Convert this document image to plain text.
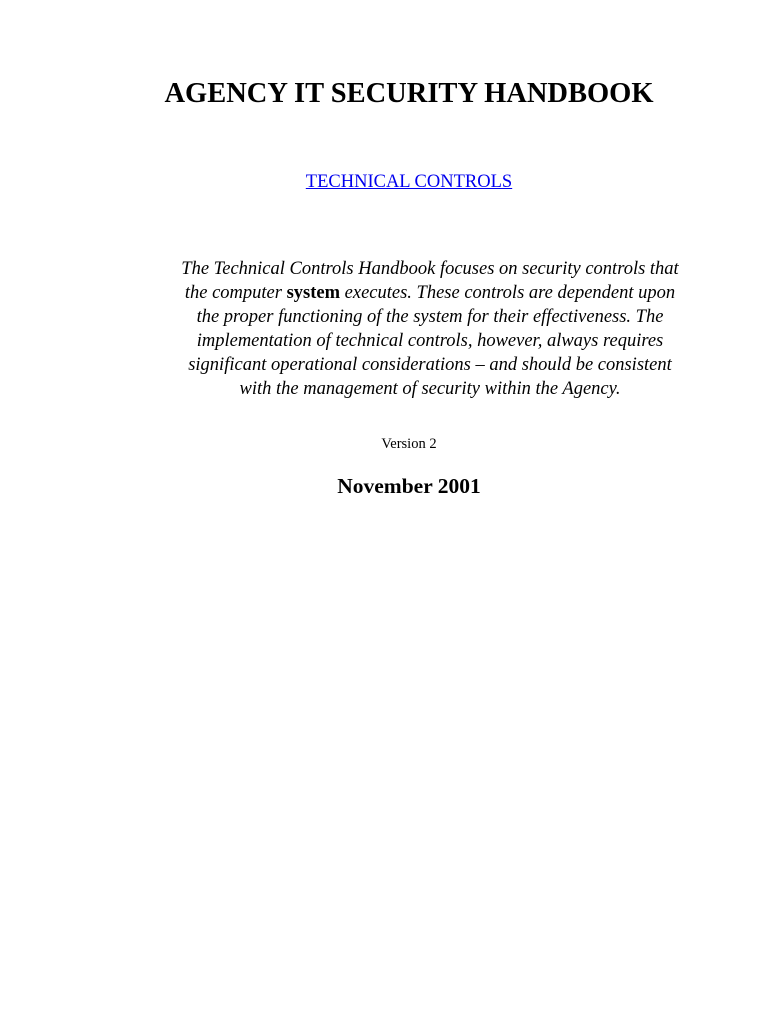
AGENCY IT SECURITY HANDBOOK
TECHNICAL CONTROLS
The Technical Controls Handbook focuses on security controls that
the computer system executes. These controls are dependent upon
the proper functioning of the system for their effectiveness. The
implementation of technical controls, however, always requires
significant operational considerations – and should be consistent
with the management of security within the Agency.
Version 2
November 2001
